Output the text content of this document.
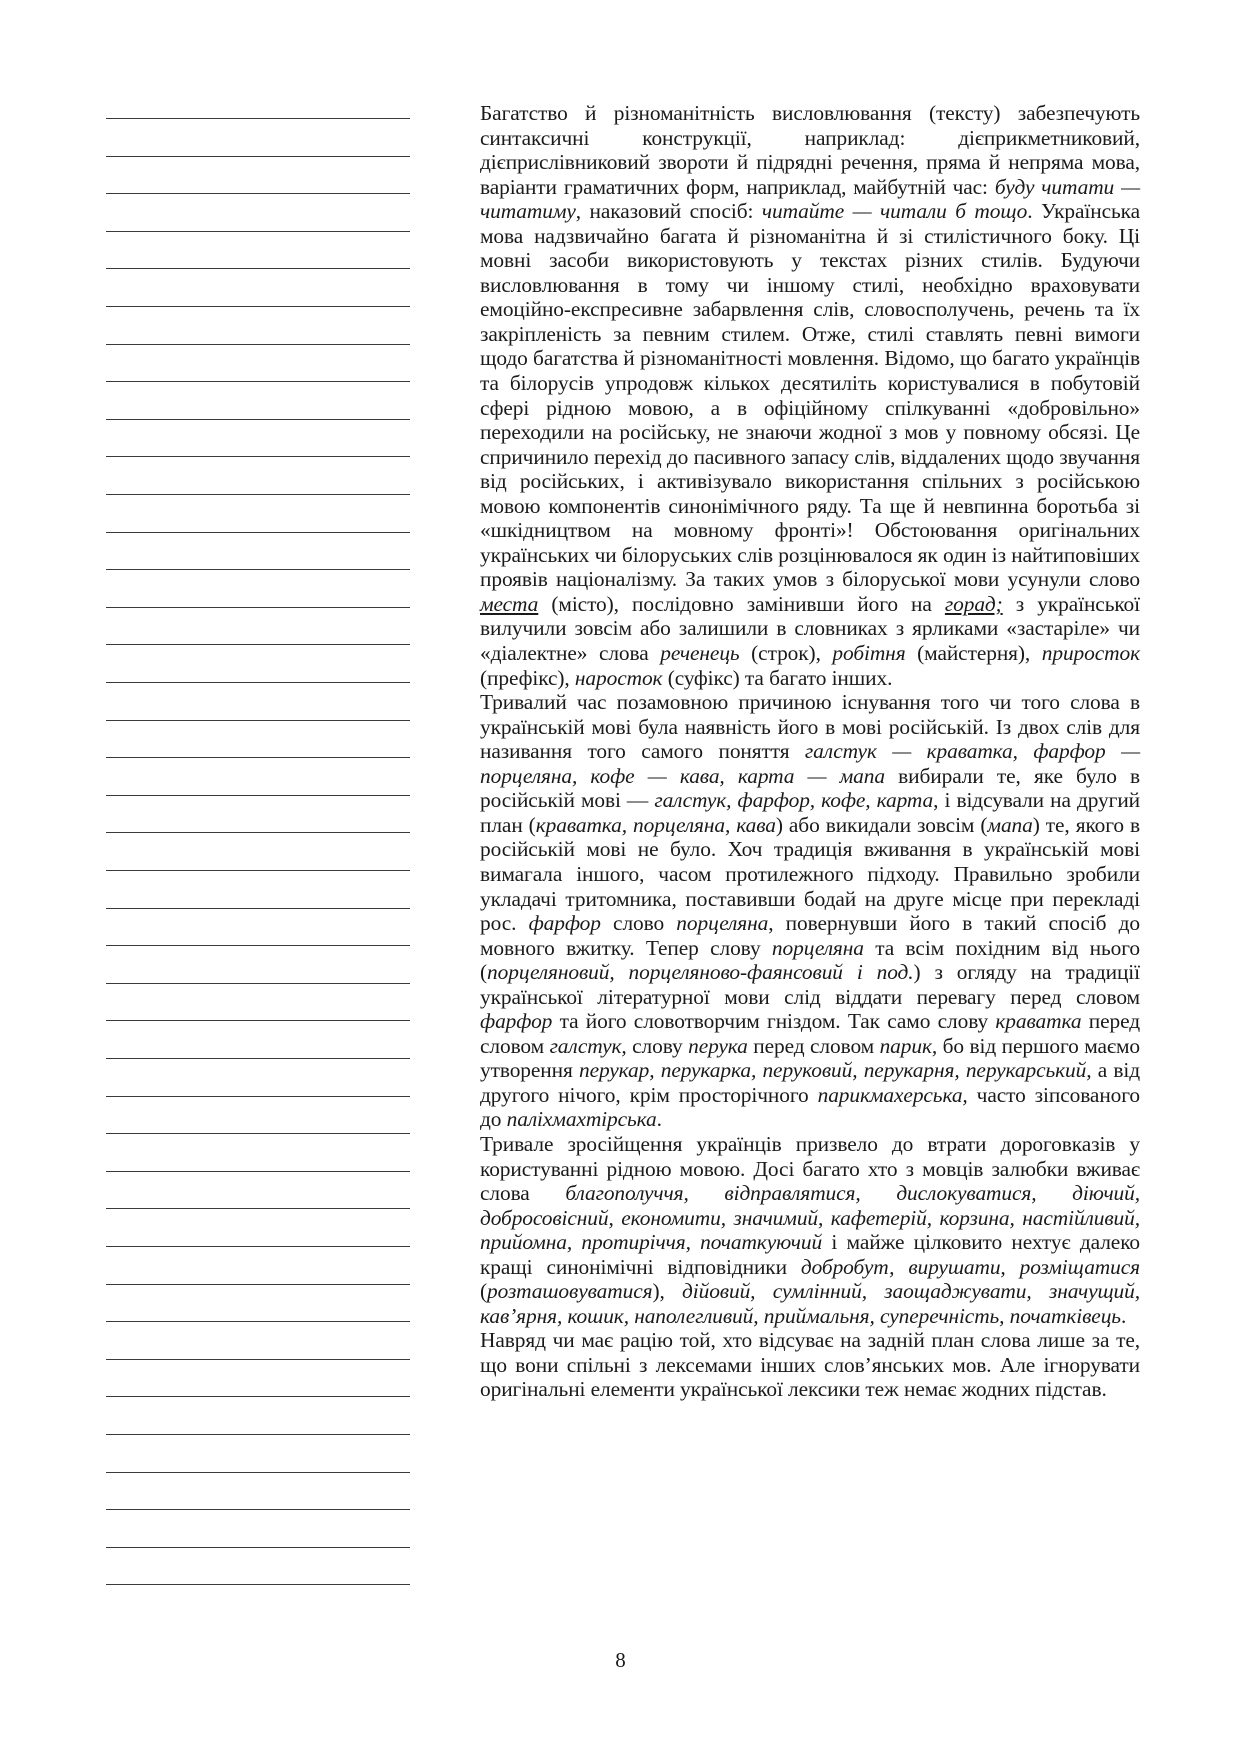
Багатство й різноманітність висловлювання (тексту) забезпечують синтаксичні конструкції, наприклад: дієприкметниковий, дієприслівниковий звороти й підрядні речення, пряма й непряма мова, варіанти граматичних форм, наприклад, майбутній час: буду читати — читатиму, наказовий спосіб: читайте — читали б тощо. Українська мова надзвичайно багата й різноманітна й зі стилістичного боку. Ці мовні засоби використовують у текстах різних стилів. Будуючи висловлювання в тому чи іншому стилі, необхідно враховувати емоційно-експресивне забарвлення слів, словосполучень, речень та їх закріпленість за певним стилем. Отже, стилі ставлять певні вимоги щодо багатства й різноманітності мовлення. Відомо, що багато українців та білорусів упродовж кількох десятиліть користувалися в побутовій сфері рідною мовою, а в офіційному спілкуванні «добровільно» переходили на російську, не знаючи жодної з мов у повному обсязі. Це спричинило перехід до пасивного запасу слів, віддалених щодо звучання від російських, і активізувало використання спільних з російською мовою компонентів синонімічного ряду. Та ще й невпинна боротьба зі «шкідництвом на мовному фронті»! Обстоювання оригінальних українських чи білоруських слів розцінювалося як один із найтиповіших проявів націоналізму. За таких умов з білоруської мови усунули слово места (місто), послідовно замінивши його на горад; з української вилучили зовсім або залишили в словниках з ярликами «застаріле» чи «діалектне» слова реченець (строк), робітня (майстерня), приросток (префікс), наросток (суфікс) та багато інших.

Тривалий час позамовною причиною існування того чи того слова в українській мові була наявність його в мові російській. Із двох слів для називання того самого поняття галстук — краватка, фарфор — порцеляна, кофе — кава, карта — мапа вибирали те, яке було в російській мові — галстук, фарфор, кофе, карта, і відсували на другий план (краватка, порцеляна, кава) або викидали зовсім (мапа) те, якого в російській мові не було. Хоч традиція вживання в українській мові вимагала іншого, часом протилежного підходу. Правильно зробили укладачі тритомника, поставивши бодай на друге місце при перекладі рос. фарфор слово порцеляна, повернувши його в такий спосіб до мовного вжитку. Тепер слову порцеляна та всім похідним від нього (порцеляновий, порцеляново-фаянсовий і под.) з огляду на традиції української літературної мови слід віддати перевагу перед словом фарфор та його словотворчим гніздом. Так само слову краватка перед словом галстук, слову перука перед словом парик, бо від першого маємо утворення перукар, перукарка, перуковий, перукарня, перукарський, а від другого нічого, крім просторічного парикмахерська, часто зіпсованого до паліхмахтірська.

Тривале зросійщення українців призвело до втрати дороговказів у користуванні рідною мовою. Досі багато хто з мовців залюбки вживає слова благополуччя, відправлятися, дислокуватися, діючий, добросовісний, економити, значимий, кафетерій, корзина, настійливий, прийомна, протиріччя, початкуючий і майже цілковито нехтує далеко кращі синонімічні відповідники добробут, вирушати, розміщатися (розташовуватися), дійовий, сумлінний, заощаджувати, значущий, кав’ярня, кошик, наполегливий, приймальня, суперечність, початківець.

Навряд чи має рацію той, хто відсуває на задній план слова лише за те, що вони спільні з лексемами інших слов’янських мов. Але ігнорувати оригінальні елементи української лексики теж немає жодних підстав.

8
